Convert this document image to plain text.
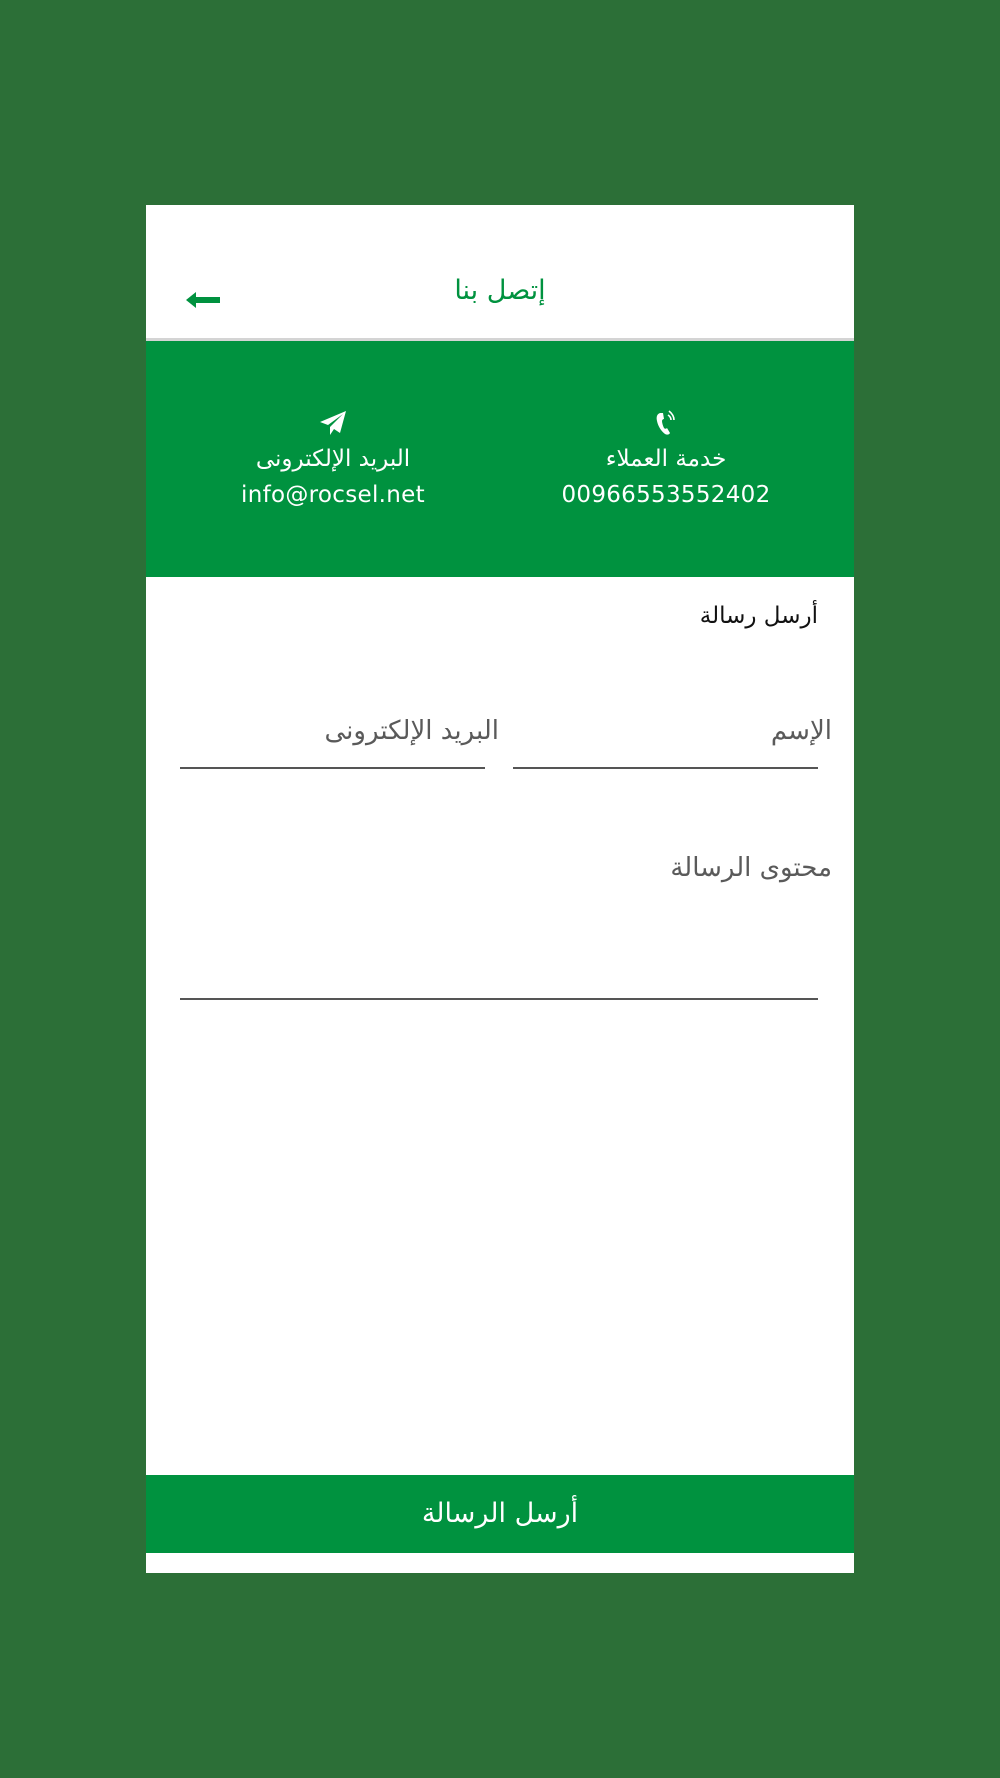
إتصل بنا
البريد الإلكترونى
info@rocsel.net
خدمة العملاء
00966553552402
أرسل رسالة
الإسم
البريد الإلكترونى
محتوى الرسالة
أرسل الرسالة
